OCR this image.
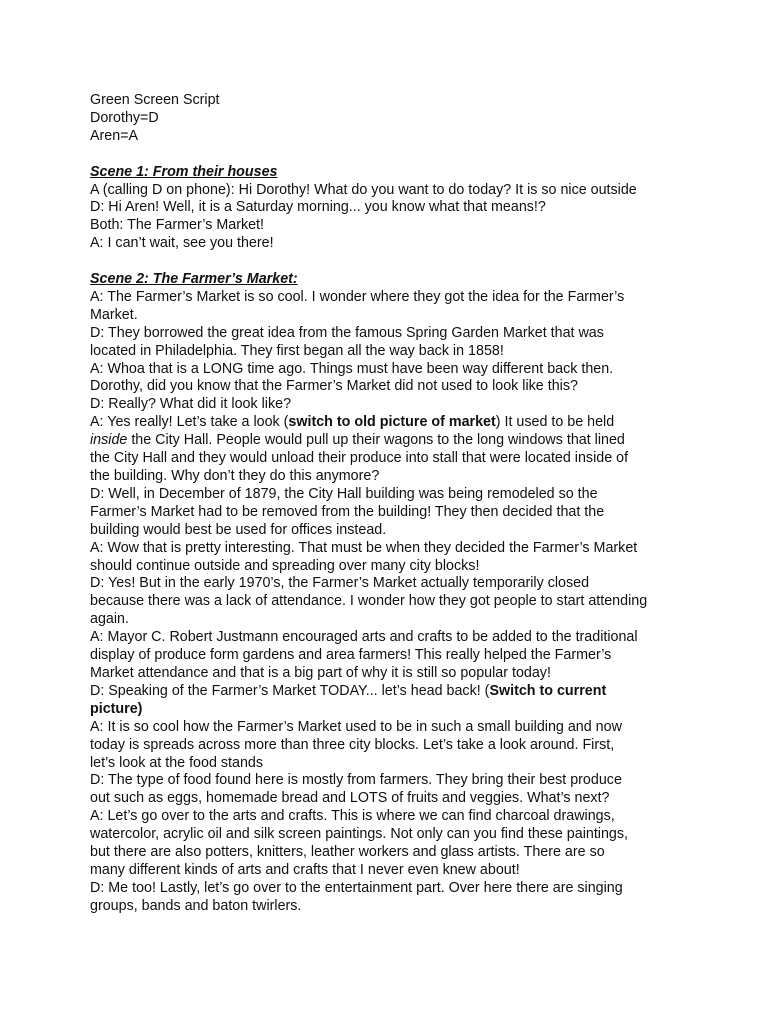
Green Screen Script
Dorothy=D
Aren=A
Scene 1: From their houses
A (calling D on phone): Hi Dorothy! What do you want to do today? It is so nice outside
D: Hi Aren! Well, it is a Saturday morning... you know what that means!?
Both: The Farmer’s Market!
A: I can’t wait, see you there!
Scene 2: The Farmer’s Market:
A: The Farmer’s Market is so cool. I wonder where they got the idea for the Farmer’s
Market.
D: They borrowed the great idea from the famous Spring Garden Market that was
located in Philadelphia. They first began all the way back in 1858!
A: Whoa that is a LONG time ago. Things must have been way different back then.
Dorothy, did you know that the Farmer’s Market did not used to look like this?
D: Really? What did it look like?
A: Yes really! Let’s take a look (switch to old picture of market) It used to be held
inside the City Hall. People would pull up their wagons to the long windows that lined
the City Hall and they would unload their produce into stall that were located inside of
the building. Why don’t they do this anymore?
D: Well, in December of 1879, the City Hall building was being remodeled so the
Farmer’s Market had to be removed from the building! They then decided that the
building would best be used for offices instead.
A: Wow that is pretty interesting. That must be when they decided the Farmer’s Market
should continue outside and spreading over many city blocks!
D: Yes! But in the early 1970’s, the Farmer’s Market actually temporarily closed
because there was a lack of attendance. I wonder how they got people to start attending
again.
A: Mayor C. Robert Justmann encouraged arts and crafts to be added to the traditional
display of produce form gardens and area farmers! This really helped the Farmer’s
Market attendance and that is a big part of why it is still so popular today!
D: Speaking of the Farmer’s Market TODAY... let’s head back! (Switch to current
picture)
A: It is so cool how the Farmer’s Market used to be in such a small building and now
today is spreads across more than three city blocks. Let’s take a look around. First,
let’s look at the food stands
D: The type of food found here is mostly from farmers. They bring their best produce
out such as eggs, homemade bread and LOTS of fruits and veggies. What’s next?
A: Let’s go over to the arts and crafts. This is where we can find charcoal drawings,
watercolor, acrylic oil and silk screen paintings. Not only can you find these paintings,
but there are also potters, knitters, leather workers and glass artists. There are so
many different kinds of arts and crafts that I never even knew about!
D: Me too! Lastly, let’s go over to the entertainment part. Over here there are singing
groups, bands and baton twirlers.
